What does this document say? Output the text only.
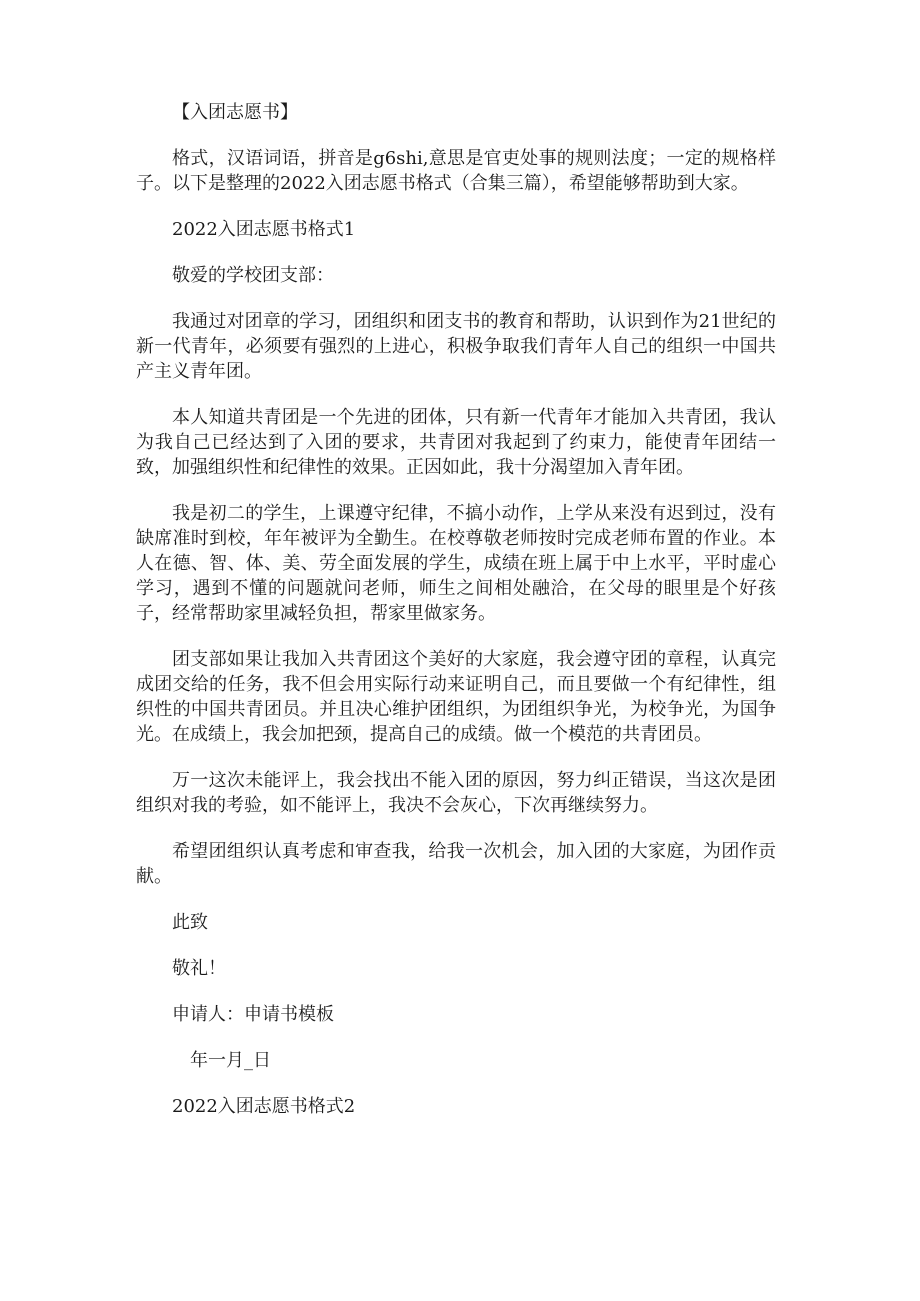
【入团志愿书】

格式，汉语词语，拼音是g6shi,意思是官吏处事的规则法度；一定的规格样子。以下是整理的2022入团志愿书格式（合集三篇），希望能够帮助到大家。

2022入团志愿书格式1

敬爱的学校团支部：

我通过对团章的学习，团组织和团支书的教育和帮助，认识到作为21世纪的新一代青年，必须要有强烈的上进心，积极争取我们青年人自己的组织一中国共产主义青年团。

本人知道共青团是一个先进的团体，只有新一代青年才能加入共青团，我认为我自己已经达到了入团的要求，共青团对我起到了约束力，能使青年团结一致，加强组织性和纪律性的效果。正因如此，我十分渴望加入青年团。

我是初二的学生，上课遵守纪律，不搞小动作，上学从来没有迟到过，没有缺席准时到校，年年被评为全勤生。在校尊敬老师按时完成老师布置的作业。本人在德、智、体、美、劳全面发展的学生，成绩在班上属于中上水平，平时虚心学习，遇到不懂的问题就问老师，师生之间相处融洽，在父母的眼里是个好孩子，经常帮助家里减轻负担，帮家里做家务。

团支部如果让我加入共青团这个美好的大家庭，我会遵守团的章程，认真完成团交给的任务，我不但会用实际行动来证明自己，而且要做一个有纪律性，组织性的中国共青团员。并且决心维护团组织，为团组织争光，为校争光，为国争光。在成绩上，我会加把颈，提高自己的成绩。做一个模范的共青团员。

万一这次未能评上，我会找出不能入团的原因，努力纠正错误，当这次是团组织对我的考验，如不能评上，我决不会灰心，下次再继续努力。

希望团组织认真考虑和审查我，给我一次机会，加入团的大家庭，为团作贡献。

此致

敬礼！

申请人：申请书模板

年一月_日

2022入团志愿书格式2
